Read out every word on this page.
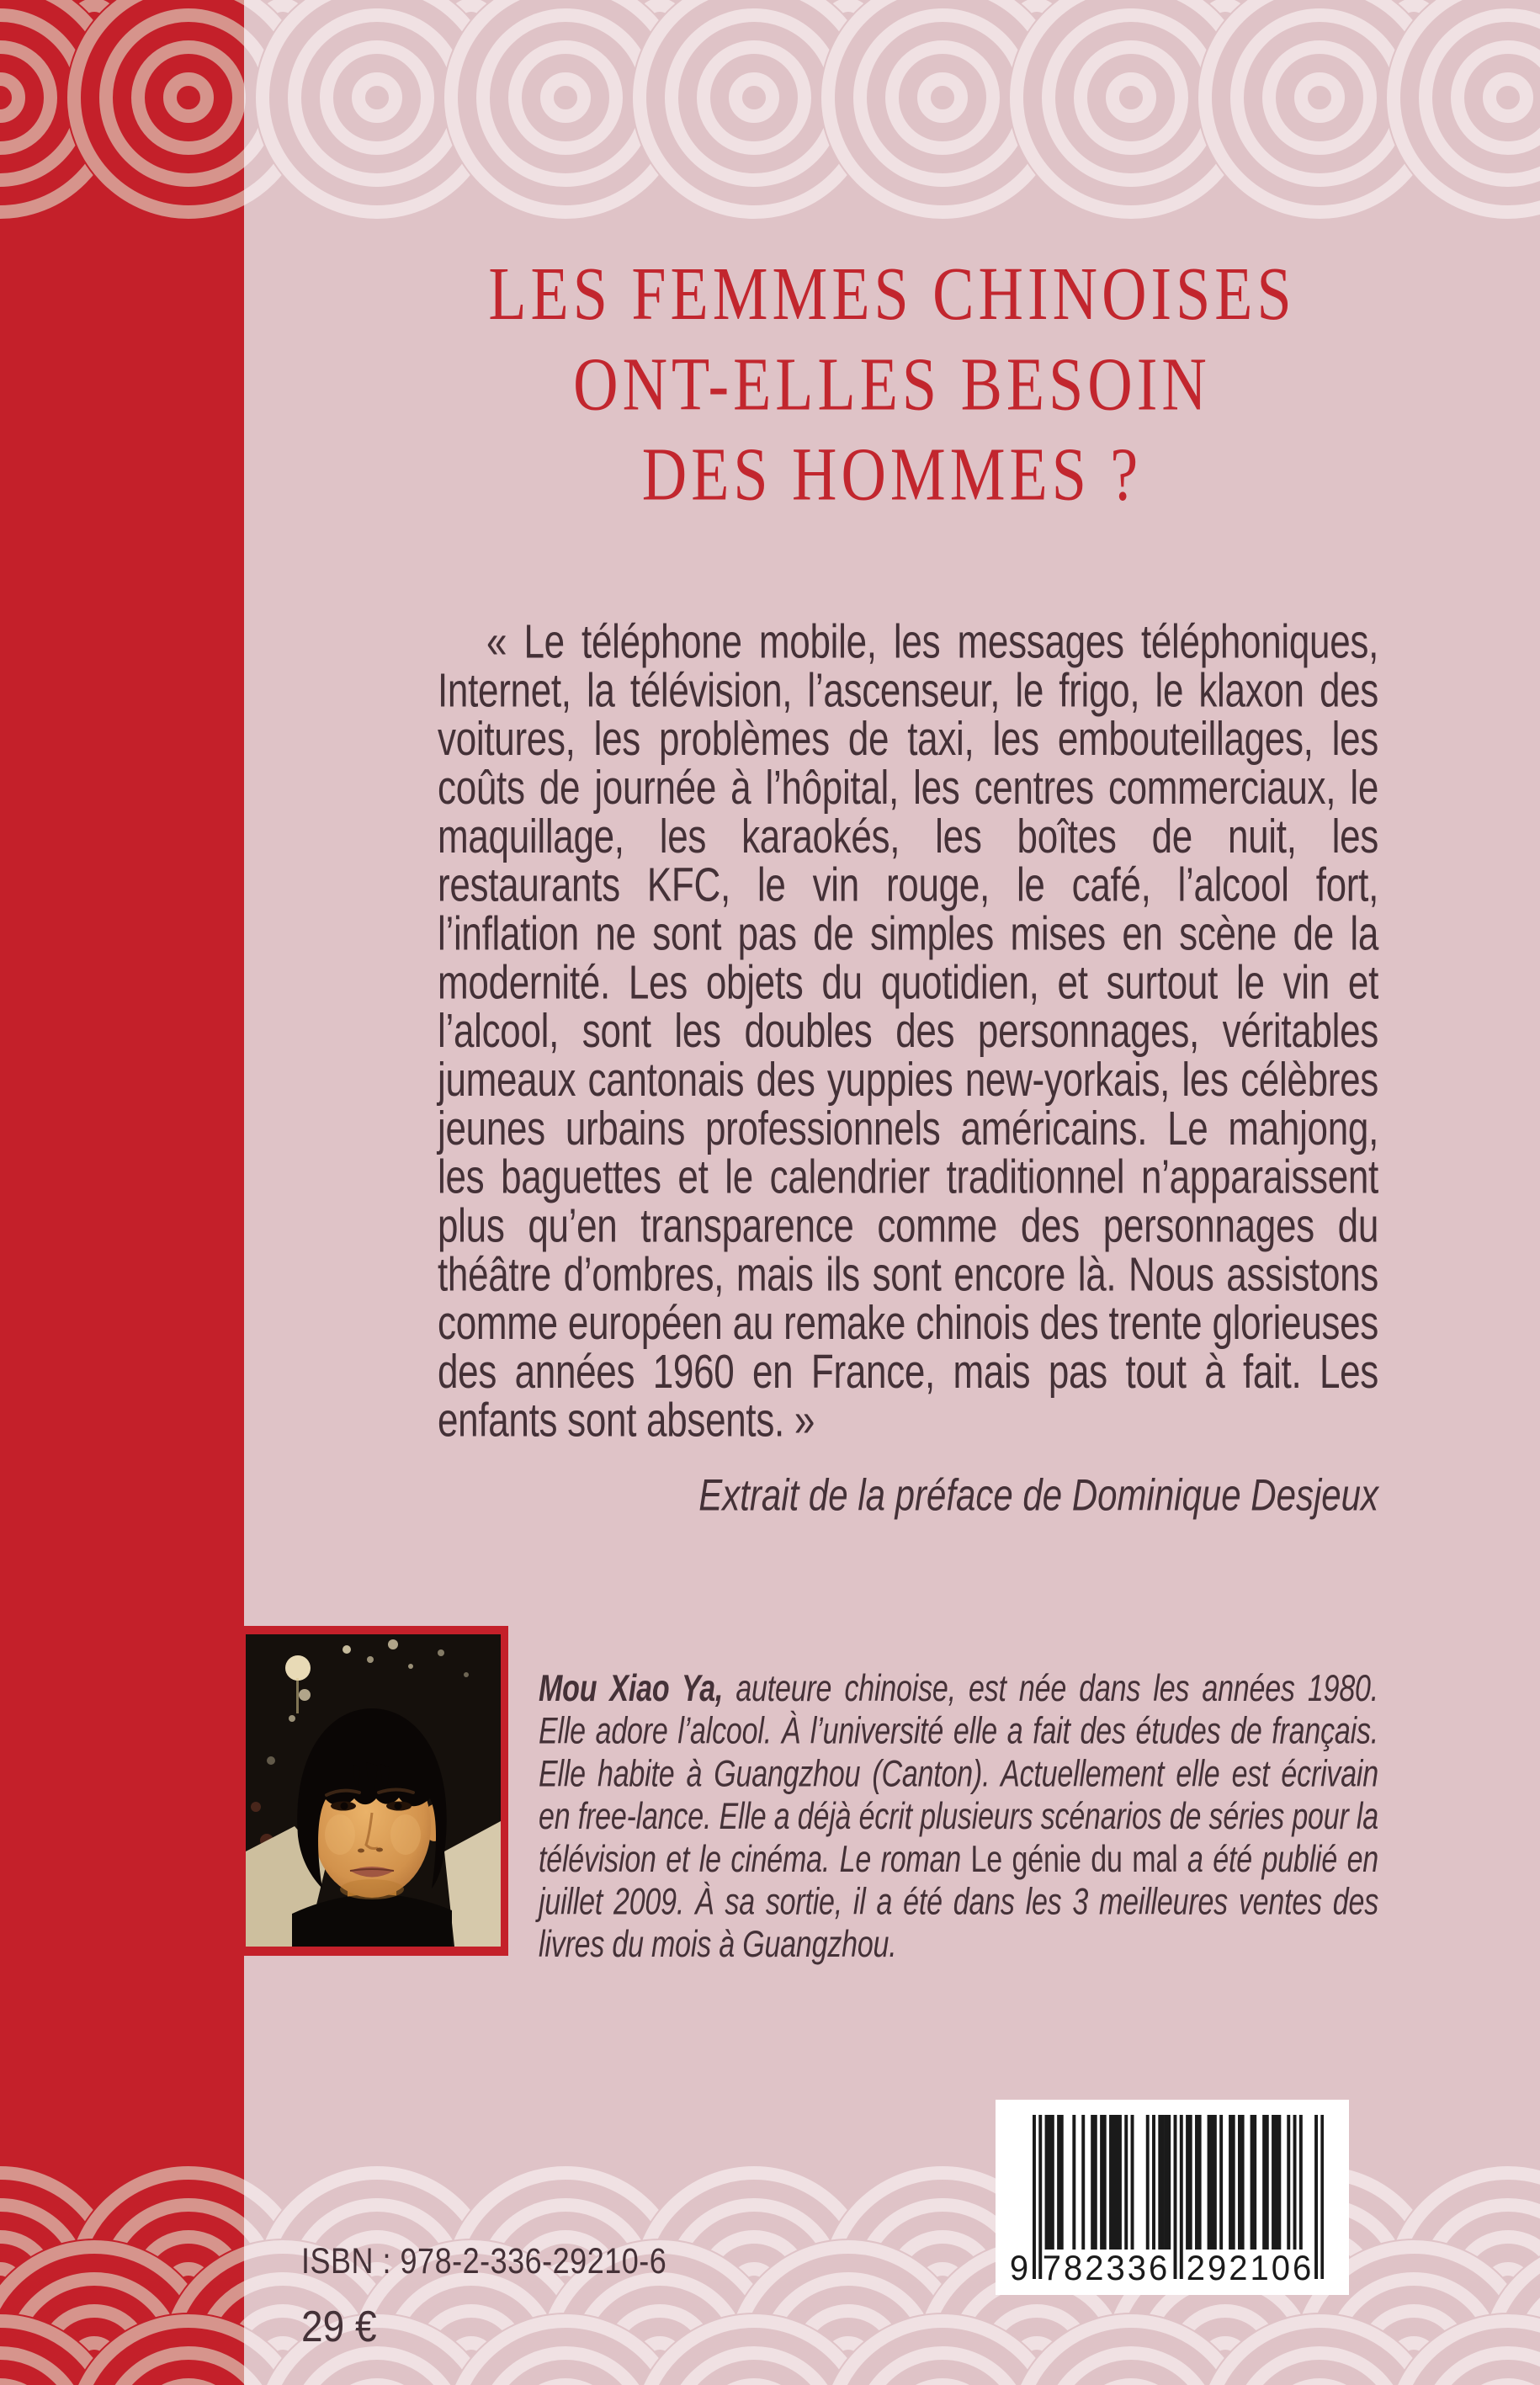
LES FEMMES CHINOISES
ONT-ELLES BESOIN
DES HOMMES ?
« Le téléphone mobile, les messages téléphoniques, Internet, la télévision, l’ascenseur, le frigo, le klaxon des voitures, les problèmes de taxi, les embouteillages, les coûts de journée à l’hôpital, les centres commerciaux, le maquillage, les karaokés, les boîtes de nuit, les restaurants KFC, le vin rouge, le café, l’alcool fort, l’inflation ne sont pas de simples mises en scène de la modernité. Les objets du quotidien, et surtout le vin et l’alcool, sont les doubles des personnages, véritables jumeaux cantonais des yuppies new-yorkais, les célèbres jeunes urbains professionnels américains. Le mahjong, les baguettes et le calendrier traditionnel n’apparaissent plus qu’en transparence comme des personnages du théâtre d’ombres, mais ils sont encore là. Nous assistons comme européen au remake chinois des trente glorieuses des années 1960 en France, mais pas tout à fait. Les enfants sont absents. »
Extrait de la préface de Dominique Desjeux
Mou Xiao Ya, auteure chinoise, est née dans les années 1980. Elle adore l’alcool. À l’université elle a fait des études de français. Elle habite à Guangzhou (Canton). Actuellement elle est écrivain en free-lance. Elle a déjà écrit plusieurs scénarios de séries pour la télévision et le cinéma. Le roman Le génie du mal a été publié en juillet 2009. À sa sortie, il a été dans les 3 meilleures ventes des livres du mois à Guangzhou.
ISBN : 978-2-336-29210-6
29 €
9 782336 292106
